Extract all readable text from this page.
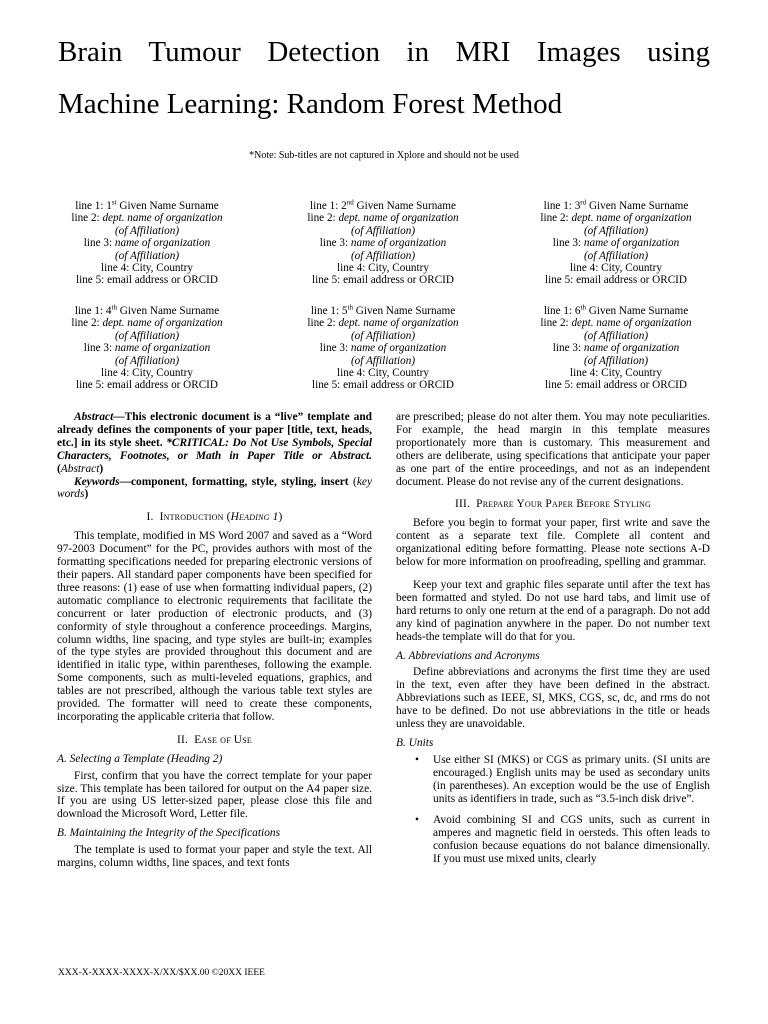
Brain Tumour Detection in MRI Images using
Machine Learning: Random Forest Method
*Note: Sub-titles are not captured in Xplore and should not be used
line 1: 1st Given Name Surname
line 2: dept. name of organization
(of Affiliation)
line 3: name of organization
(of Affiliation)
line 4: City, Country
line 5: email address or ORCID
line 1: 2nd Given Name Surname
line 2: dept. name of organization
(of Affiliation)
line 3: name of organization
(of Affiliation)
line 4: City, Country
line 5: email address or ORCID
line 1: 3rd Given Name Surname
line 2: dept. name of organization
(of Affiliation)
line 3: name of organization
(of Affiliation)
line 4: City, Country
line 5: email address or ORCID
line 1: 4th Given Name Surname
line 2: dept. name of organization
(of Affiliation)
line 3: name of organization
(of Affiliation)
line 4: City, Country
line 5: email address or ORCID
line 1: 5th Given Name Surname
line 2: dept. name of organization
(of Affiliation)
line 3: name of organization
(of Affiliation)
line 4: City, Country
line 5: email address or ORCID
line 1: 6th Given Name Surname
line 2: dept. name of organization
(of Affiliation)
line 3: name of organization
(of Affiliation)
line 4: City, Country
line 5: email address or ORCID

Abstract—This electronic document is a “live” template and already defines the components of your paper [title, text, heads, etc.] in its style sheet. *CRITICAL: Do Not Use Symbols, Special Characters, Footnotes, or Math in Paper Title or Abstract. (Abstract)

Keywords—component, formatting, style, styling, insert (key words)

I. Introduction (Heading 1)

This template, modified in MS Word 2007 and saved as a “Word 97-2003 Document” for the PC, provides authors with most of the formatting specifications needed for preparing electronic versions of their papers. All standard paper components have been specified for three reasons: (1) ease of use when formatting individual papers, (2) automatic compliance to electronic requirements that facilitate the concurrent or later production of electronic products, and (3) conformity of style throughout a conference proceedings. Margins, column widths, line spacing, and type styles are built-in; examples of the type styles are provided throughout this document and are identified in italic type, within parentheses, following the example. Some components, such as multi-leveled equations, graphics, and tables are not prescribed, although the various table text styles are provided. The formatter will need to create these components, incorporating the applicable criteria that follow.

II. Ease of Use
A. Selecting a Template (Heading 2)

First, confirm that you have the correct template for your paper size. This template has been tailored for output on the A4 paper size. If you are using US letter-sized paper, please close this file and download the Microsoft Word, Letter file.

B. Maintaining the Integrity of the Specifications

The template is used to format your paper and style the text. All margins, column widths, line spaces, and text fonts

are prescribed; please do not alter them. You may note peculiarities. For example, the head margin in this template measures proportionately more than is customary. This measurement and others are deliberate, using specifications that anticipate your paper as one part of the entire proceedings, and not as an independent document. Please do not revise any of the current designations.

III. Prepare Your Paper Before Styling

Before you begin to format your paper, first write and save the content as a separate text file. Complete all content and organizational editing before formatting. Please note sections A-D below for more information on proofreading, spelling and grammar.

Keep your text and graphic files separate until after the text has been formatted and styled. Do not use hard tabs, and limit use of hard returns to only one return at the end of a paragraph. Do not add any kind of pagination anywhere in the paper. Do not number text heads-the template will do that for you.

A. Abbreviations and Acronyms

Define abbreviations and acronyms the first time they are used in the text, even after they have been defined in the abstract. Abbreviations such as IEEE, SI, MKS, CGS, sc, dc, and rms do not have to be defined. Do not use abbreviations in the title or heads unless they are unavoidable.

B. Units
• Use either SI (MKS) or CGS as primary units. (SI units are encouraged.) English units may be used as secondary units (in parentheses). An exception would be the use of English units as identifiers in trade, such as “3.5-inch disk drive”.
• Avoid combining SI and CGS units, such as current in amperes and magnetic field in oersteds. This often leads to confusion because equations do not balance dimensionally. If you must use mixed units, clearly
XXX-X-XXXX-XXXX-X/XX/$XX.00 ©20XX IEEE
